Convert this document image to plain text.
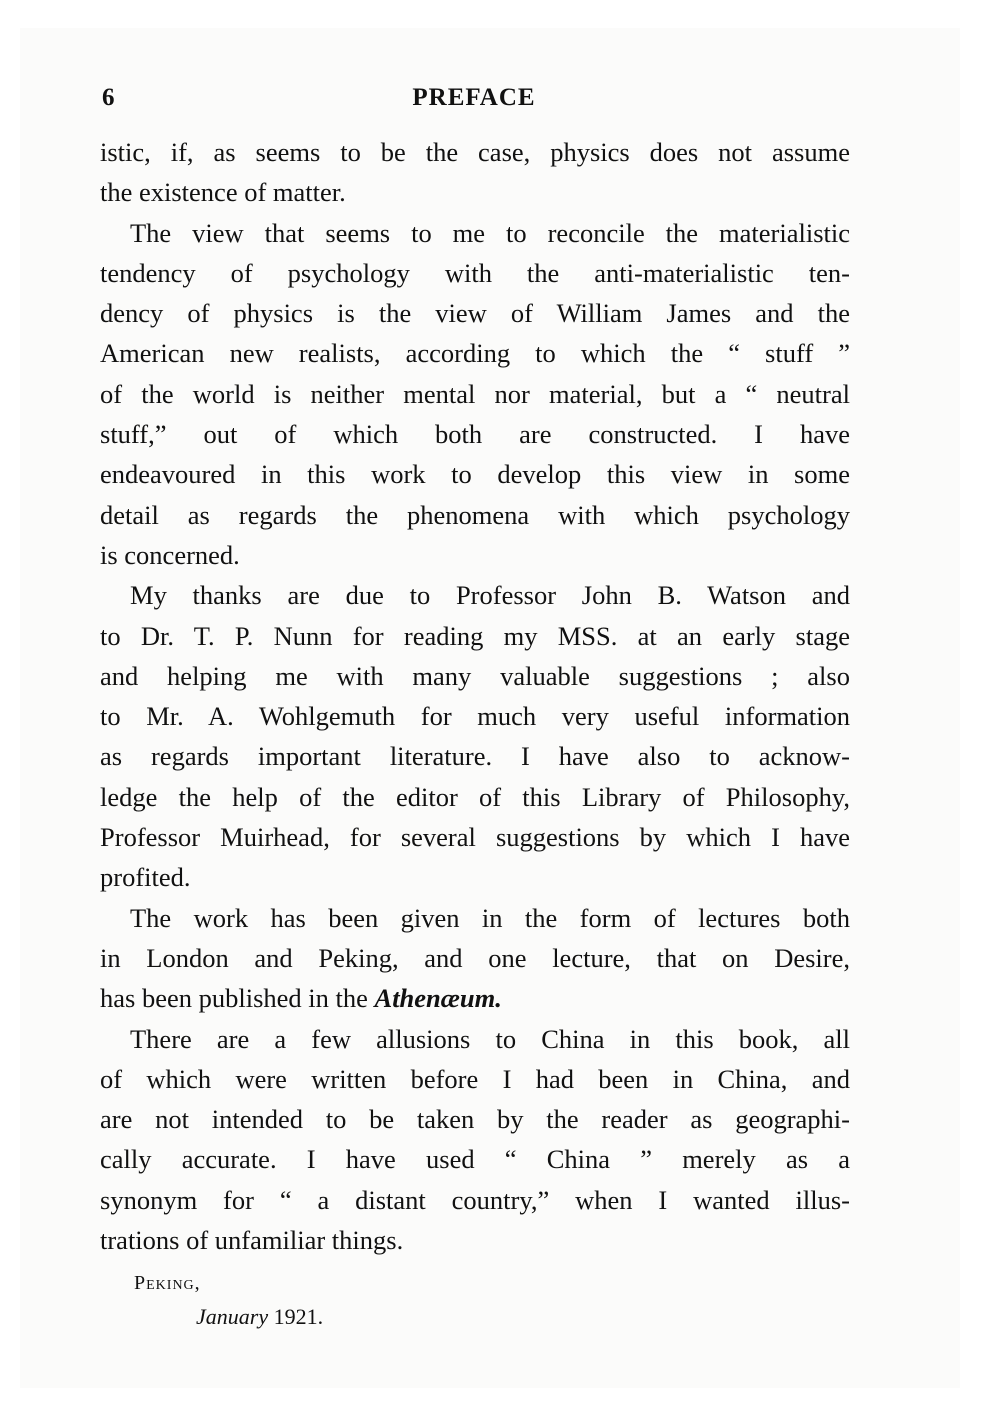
6	PREFACE

istic, if, as seems to be the case, physics does not assume
the existence of matter.

The view that seems to me to reconcile the materialistic
tendency of psychology with the anti-materialistic ten-
dency of physics is the view of William James and the
American new realists, according to which the “ stuff ”
of the world is neither mental nor material, but a “ neutral
stuff,” out of which both are constructed. I have
endeavoured in this work to develop this view in some
detail as regards the phenomena with which psychology
is concerned.

My thanks are due to Professor John B. Watson and
to Dr. T. P. Nunn for reading my MSS. at an early stage
and helping me with many valuable suggestions ; also
to Mr. A. Wohlgemuth for much very useful information
as regards important literature. I have also to acknow-
ledge the help of the editor of this Library of Philosophy,
Professor Muirhead, for several suggestions by which I have
profited.

The work has been given in the form of lectures both
in London and Peking, and one lecture, that on Desire,
has been published in the Athenæum.

There are a few allusions to China in this book, all
of which were written before I had been in China, and
are not intended to be taken by the reader as geographi-
cally accurate. I have used “ China ” merely as a
synonym for “ a distant country,” when I wanted illus-
trations of unfamiliar things.

Peking,
January 1921.
